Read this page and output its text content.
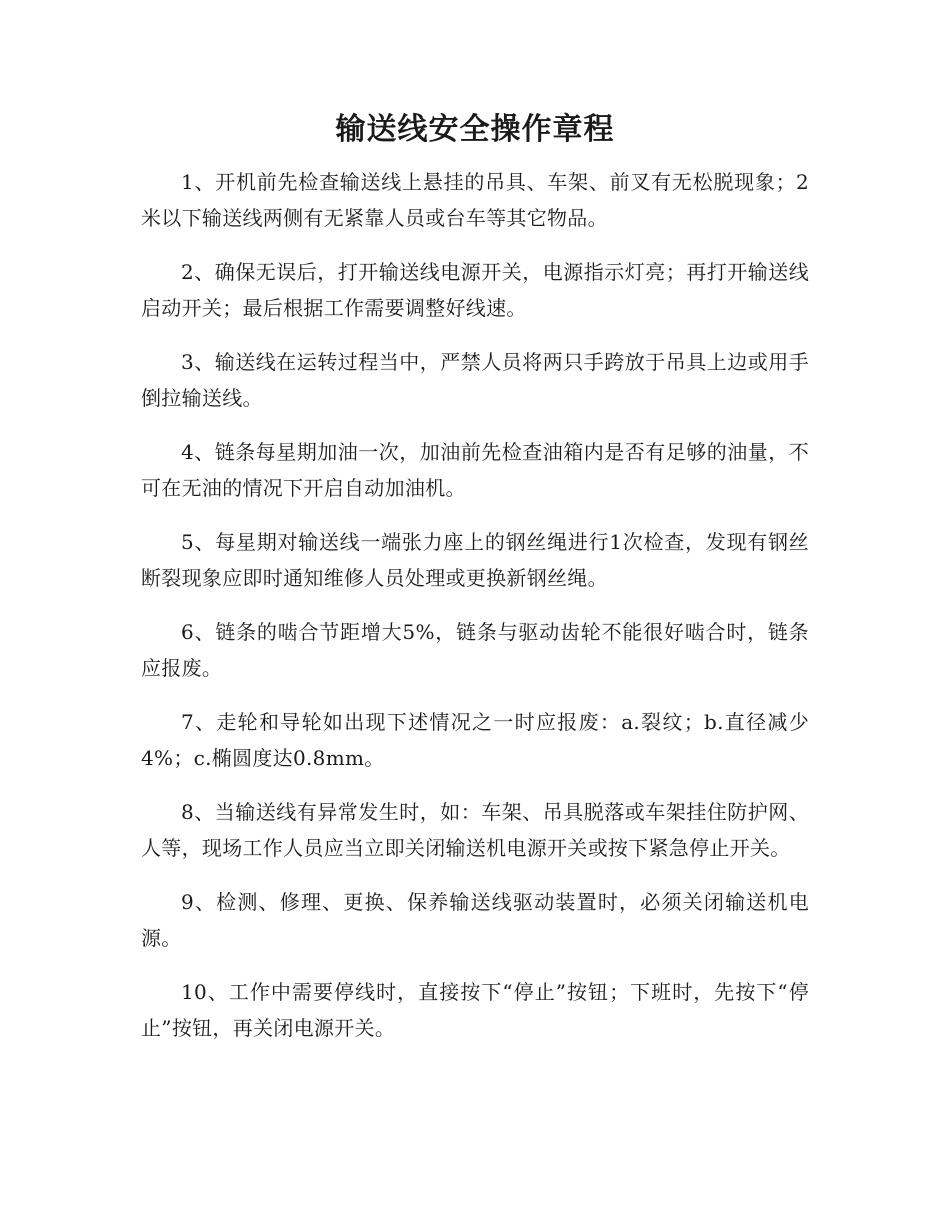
输送线安全操作章程

1、开机前先检查输送线上悬挂的吊具、车架、前叉有无松脱现象；2米以下输送线两侧有无紧靠人员或台车等其它物品。

2、确保无误后，打开输送线电源开关，电源指示灯亮；再打开输送线启动开关；最后根据工作需要调整好线速。

3、输送线在运转过程当中，严禁人员将两只手跨放于吊具上边或用手倒拉输送线。

4、链条每星期加油一次，加油前先检查油箱内是否有足够的油量，不可在无油的情况下开启自动加油机。

5、每星期对输送线一端张力座上的钢丝绳进行1次检查，发现有钢丝断裂现象应即时通知维修人员处理或更换新钢丝绳。

6、链条的啮合节距增大5%，链条与驱动齿轮不能很好啮合时，链条应报废。

7、走轮和导轮如出现下述情况之一时应报废：a.裂纹；b.直径减少4%；c.椭圆度达0.8mm。

8、当输送线有异常发生时，如：车架、吊具脱落或车架挂住防护网、人等，现场工作人员应当立即关闭输送机电源开关或按下紧急停止开关。

9、检测、修理、更换、保养输送线驱动装置时，必须关闭输送机电源。

10、工作中需要停线时，直接按下“停止”按钮；下班时，先按下“停止”按钮，再关闭电源开关。
